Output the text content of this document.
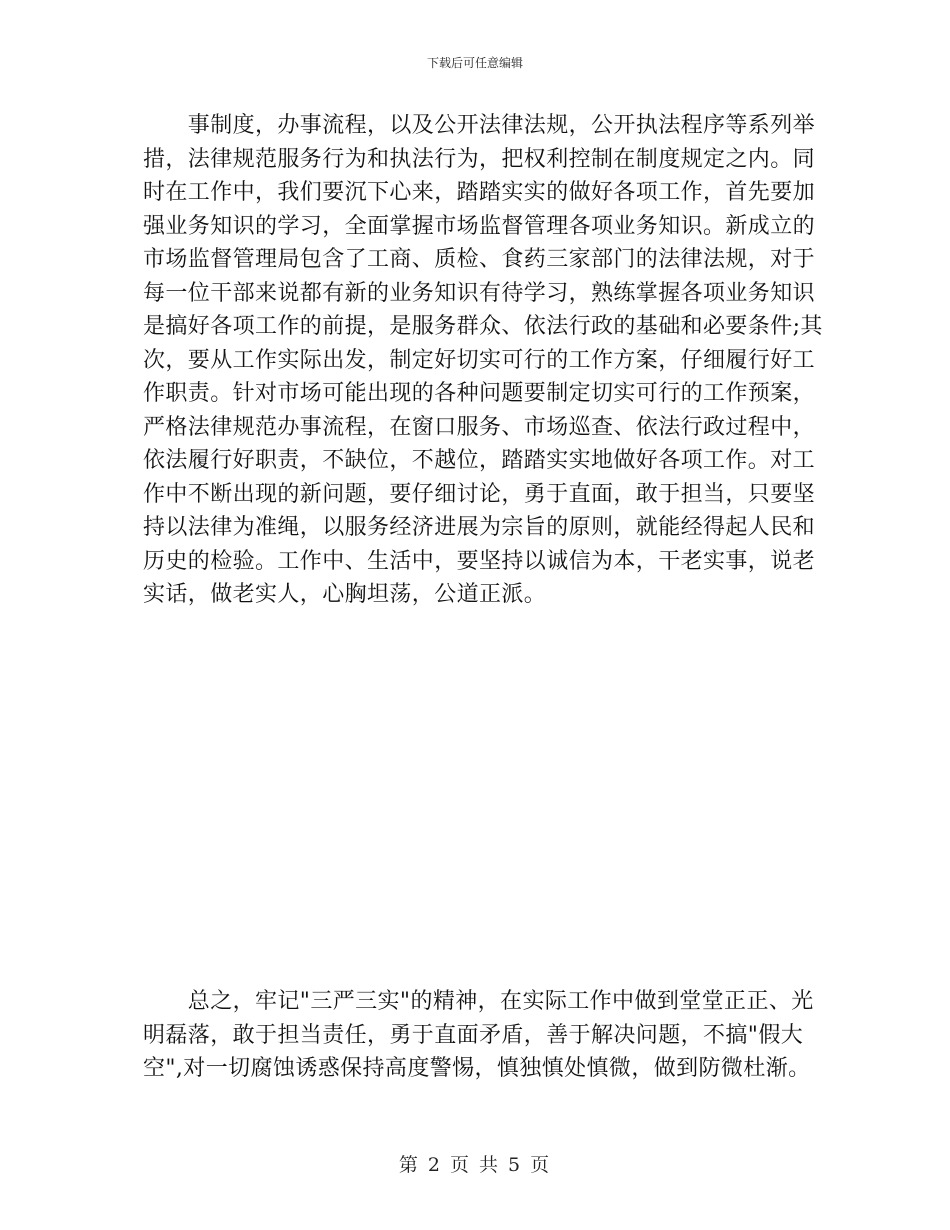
下载后可任意编辑
　　事制度，办事流程，以及公开法律法规，公开执法程序等系列举
措，法律规范服务行为和执法行为，把权利控制在制度规定之内。同
时在工作中，我们要沉下心来，踏踏实实的做好各项工作，首先要加
强业务知识的学习，全面掌握市场监督管理各项业务知识。新成立的
市场监督管理局包含了工商、质检、食药三家部门的法律法规，对于
每一位干部来说都有新的业务知识有待学习，熟练掌握各项业务知识
是搞好各项工作的前提，是服务群众、依法行政的基础和必要条件;其
次，要从工作实际出发，制定好切实可行的工作方案，仔细履行好工
作职责。针对市场可能出现的各种问题要制定切实可行的工作预案，
严格法律规范办事流程，在窗口服务、市场巡查、依法行政过程中，
依法履行好职责，不缺位，不越位，踏踏实实地做好各项工作。对工
作中不断出现的新问题，要仔细讨论，勇于直面，敢于担当，只要坚
持以法律为准绳，以服务经济进展为宗旨的原则，就能经得起人民和
历史的检验。工作中、生活中，要坚持以诚信为本，干老实事，说老
实话，做老实人，心胸坦荡，公道正派。
　　总之，牢记"三严三实"的精神，在实际工作中做到堂堂正正、光
明磊落，敢于担当责任，勇于直面矛盾，善于解决问题，不搞"假大
空",对一切腐蚀诱惑保持高度警惕，慎独慎处慎微，做到防微杜渐。
第 2 页 共 5 页
